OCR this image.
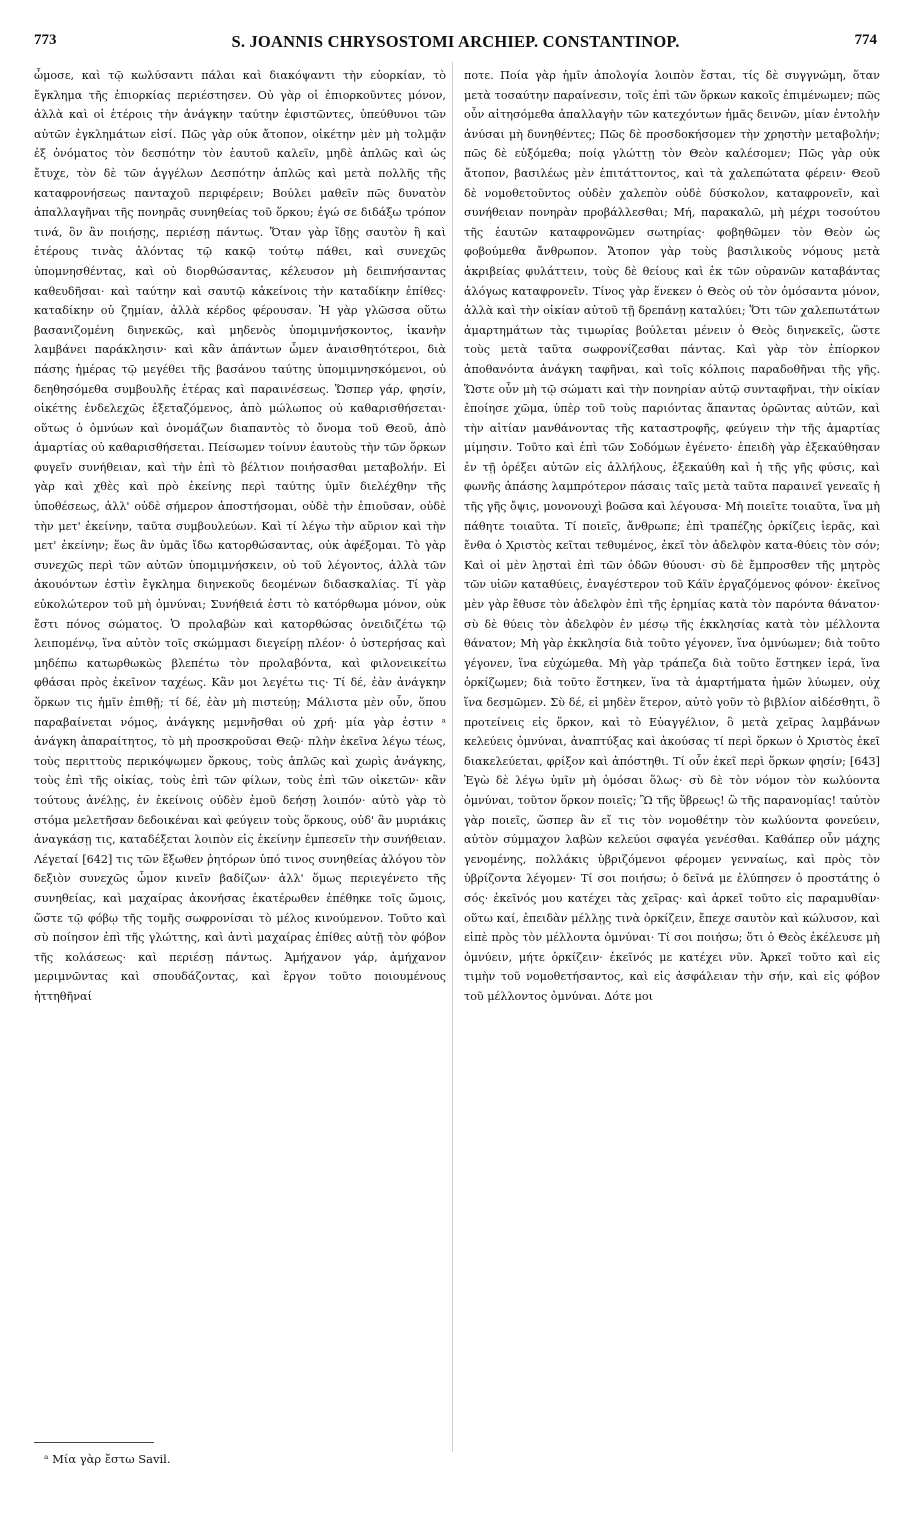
773	S. JOANNIS CHRYSOSTOMI ARCHIEP. CONSTANTINOP.	774

ὦμοσε, καὶ τῷ κωλύσαντι πάλαι καὶ διακόψαντι τὴν εὐορκίαν, τὸ ἔγκλημα τῆς ἐπιορκίας περιέστησεν. Οὐ γὰρ οἱ ἐπιορκοῦντες μόνον, ἀλλὰ καὶ οἱ ἑτέροις τὴν ἀνάγκην ταύτην ἐφιστῶντες, ὑπεύθυνοι τῶν αὐτῶν ἐγκλημάτων εἰσί. Πῶς γὰρ οὐκ ἄτοπον, οἰκέτην μὲν μὴ τολμᾷν ἐξ ὀνόματος τὸν δεσπότην τὸν ἑαυτοῦ καλεῖν, μηδὲ ἁπλῶς καὶ ὡς ἔτυχε, τὸν δὲ τῶν ἀγγέλων Δεσπότην ἁπλῶς καὶ μετὰ πολλῆς τῆς καταφρονήσεως πανταχοῦ περιφέρειν; Βούλει μαθεῖν πῶς δυνατὸν ἀπαλλαγῆναι τῆς πονηρᾶς συνηθείας τοῦ ὅρκου; ἐγώ σε διδάξω τρόπον τινά, ὃν ἂν ποιήσῃς, περιέσῃ πάντως. Ὅταν γὰρ ἴδῃς σαυτὸν ἢ καὶ ἑτέρους τινὰς ἁλόντας τῷ κακῷ τούτῳ πάθει, καὶ συνεχῶς ὑπομνησθέντας, καὶ οὐ διορθώσαντας, κέλευσον μὴ δειπνήσαντας καθευδῆσαι· καὶ ταύτην καὶ σαυτῷ κἀκείνοις τὴν καταδίκην ἐπίθες· καταδίκην οὐ ζημίαν, ἀλλὰ κέρδος φέρουσαν. Ἡ γὰρ γλῶσσα οὕτω βασανιζομένη διηνεκῶς, καὶ μηδενὸς ὑπομιμνήσκοντος, ἱκανὴν λαμβάνει παράκλησιν· καὶ κἂν ἁπάντων ὦμεν ἀναισθητότεροι, διὰ πάσης ἡμέρας τῷ μεγέθει τῆς βασάνου ταύτης ὑπομιμνησκόμενοι, οὐ δεηθησόμεθα συμβουλῆς ἑτέρας καὶ παραινέσεως. Ὥσπερ γάρ, φησίν, οἰκέτης ἐνδελεχῶς ἐξεταζόμενος, ἀπὸ μώλωπος οὐ καθαρισθήσεται· οὕτως ὁ ὀμνύων καὶ ὀνομάζων διαπαντὸς τὸ ὄνομα τοῦ Θεοῦ, ἀπὸ ἁμαρτίας οὐ καθαρισθήσεται. Πείσωμεν τοίνυν ἑαυτοὺς τὴν τῶν ὅρκων φυγεῖν συνήθειαν, καὶ τὴν ἐπὶ τὸ βέλτιον ποιήσασθαι μεταβολήν. Εἰ γὰρ καὶ χθὲς καὶ πρὸ ἐκείνης περὶ ταύτης ὑμῖν διελέχθην τῆς ὑποθέσεως, ἀλλ' οὐδὲ σήμερον ἀποστήσομαι, οὐδὲ τὴν ἐπιοῦσαν, οὐδὲ τὴν μετ' ἐκείνην, ταῦτα συμβουλεύων. Καὶ τί λέγω τὴν αὔριον καὶ τὴν μετ' ἐκείνην; ἕως ἂν ὑμᾶς ἴδω κατορθώσαντας, οὐκ ἀφέξομαι. Τὸ γὰρ συνεχῶς περὶ τῶν αὐτῶν ὑπομιμνήσκειν, οὐ τοῦ λέγοντος, ἀλλὰ τῶν ἀκουόντων ἐστὶν ἔγκλημα διηνεκοῦς δεομένων διδασκαλίας. Τί γὰρ εὐκολώτερον τοῦ μὴ ὀμνύναι; Συνήθειά ἐστι τὸ κατόρθωμα μόνον, οὐκ ἔστι πόνος σώματος. Ὁ προλαβὼν καὶ κατορθώσας ὀνειδιζέτω τῷ λειπομένῳ, ἵνα αὐτὸν τοῖς σκώμμασι διεγείρῃ πλέον· ὁ ὑστερήσας καὶ μηδέπω κατωρθωκὼς βλεπέτω τὸν προλαβόντα, καὶ φιλονεικείτω φθάσαι πρὸς ἐκεῖνον ταχέως. Κἂν μοι λεγέτω τις· Τί δέ, ἐὰν ἀνάγκην ὅρκων τις ἡμῖν ἐπιθῇ; τί δέ, ἐὰν μὴ πιστεύῃ; Μάλιστα μὲν οὖν, ὅπου παραβαίνεται νόμος, ἀνάγκης μεμνῆσθαι οὐ χρή· μία γὰρ ἐστιν ᵃ ἀνάγκη ἀπαραίτητος, τὸ μὴ προσκροῦσαι Θεῷ· πλὴν ἐκεῖνα λέγω τέως, τοὺς περιττοὺς περικόψωμεν ὅρκους, τοὺς ἁπλῶς καὶ χωρὶς ἀνάγκης, τοὺς ἐπὶ τῆς οἰκίας, τοὺς ἐπὶ τῶν φίλων, τοὺς ἐπὶ τῶν οἰκετῶν· κἂν τούτους ἀνέλῃς, ἐν ἐκείνοις οὐδὲν ἐμοῦ δεήσῃ λοιπόν· αὐτὸ γὰρ τὸ στόμα μελετῆσαν δεδοικέναι καὶ φεύγειν τοὺς ὅρκους, οὐδ' ἂν μυριάκις ἀναγκάσῃ τις, καταδέξεται λοιπὸν εἰς ἐκείνην ἐμπεσεῖν τὴν συνήθειαν. Λέγεταί [642] τις τῶν ἔξωθεν ῥητόρων ὑπό τινος συνηθείας ἀλόγου τὸν δεξιὸν συνεχῶς ὦμον κινεῖν βαδίζων· ἀλλ' ὅμως περιεγένετο τῆς συνηθείας, καὶ μαχαίρας ἀκονήσας ἑκατέρωθεν ἐπέθηκε τοῖς ὤμοις, ὥστε τῷ φόβῳ τῆς τομῆς σωφρονίσαι τὸ μέλος κινούμενον. Τοῦτο καὶ σὺ ποίησον ἐπὶ τῆς γλώττης, καὶ ἀντὶ μαχαίρας ἐπίθες αὐτῇ τὸν φόβον τῆς κολάσεως· καὶ περιέσῃ πάντως. Ἀμήχανον γάρ, ἀμήχανον μεριμνῶντας καὶ σπουδάζοντας, καὶ ἔργον τοῦτο ποιουμένους ἡττηθῆναί

ποτε. Ποία γὰρ ἡμῖν ἀπολογία λοιπὸν ἔσται, τίς δὲ συγγνώμη, ὅταν μετὰ τοσαύτην παραίνεσιν, τοῖς ἐπὶ τῶν ὅρκων κακοῖς ἐπιμένωμεν; πῶς οὖν αἰτησόμεθα ἀπαλλαγὴν τῶν κατεχόντων ἡμᾶς δεινῶν, μίαν ἐντολὴν ἀνύσαι μὴ δυνηθέντες; Πῶς δὲ προσδοκήσομεν τὴν χρηστὴν μεταβολήν; πῶς δὲ εὐξόμεθα; ποίᾳ γλώττῃ τὸν Θεὸν καλέσομεν; Πῶς γὰρ οὐκ ἄτοπον, βασιλέως μὲν ἐπιτάττοντος, καὶ τὰ χαλεπώτατα φέρειν· Θεοῦ δὲ νομοθετοῦντος οὐδὲν χαλεπὸν οὐδὲ δύσκολον, καταφρονεῖν, καὶ συνήθειαν πονηρὰν προβάλλεσθαι; Μή, παρακαλῶ, μὴ μέχρι τοσούτου τῆς ἑαυτῶν καταφρονῶμεν σωτηρίας· φοβηθῶμεν τὸν Θεὸν ὡς φοβούμεθα ἄνθρωπον. Ἄτοπον γὰρ τοὺς βασιλικοὺς νόμους μετὰ ἀκριβείας φυλάττειν, τοὺς δὲ θείους καὶ ἐκ τῶν οὐρανῶν καταβάντας ἀλόγως καταφρονεῖν. Τίνος γὰρ ἕνεκεν ὁ Θεὸς οὐ τὸν ὀμόσαντα μόνον, ἀλλὰ καὶ τὴν οἰκίαν αὐτοῦ τῇ δρεπάνῃ καταλύει; Ὅτι τῶν χαλεπωτάτων ἁμαρτημάτων τὰς τιμωρίας βούλεται μένειν ὁ Θεὸς διηνεκεῖς, ὥστε τοὺς μετὰ ταῦτα σωφρονίζεσθαι πάντας. Καὶ γὰρ τὸν ἐπίορκον ἀποθανόντα ἀνάγκη ταφῆναι, καὶ τοῖς κόλποις παραδοθῆναι τῆς γῆς. Ὥστε οὖν μὴ τῷ σώματι καὶ τὴν πονηρίαν αὐτῷ συνταφῆναι, τὴν οἰκίαν ἐποίησε χῶμα, ὑπὲρ τοῦ τοὺς παριόντας ἅπαντας ὁρῶντας αὐτῶν, καὶ τὴν αἰτίαν μανθάνοντας τῆς καταστροφῆς, φεύγειν τὴν τῆς ἁμαρτίας μίμησιν. Τοῦτο καὶ ἐπὶ τῶν Σοδόμων ἐγένετο· ἐπειδὴ γὰρ ἐξεκαύθησαν ἐν τῇ ὀρέξει αὐτῶν εἰς ἀλλήλους, ἐξεκαύθη καὶ ἡ τῆς γῆς φύσις, καὶ φωνῆς ἁπάσης λαμπρότερον πάσαις ταῖς μετὰ ταῦτα παραινεῖ γενεαῖς ἡ τῆς γῆς ὄψις, μονονουχὶ βοῶσα καὶ λέγουσα· Μὴ ποιεῖτε τοιαῦτα, ἵνα μὴ πάθητε τοιαῦτα. Τί ποιεῖς, ἄνθρωπε; ἐπὶ τραπέζης ὀρκίζεις ἱερᾶς, καὶ ἔνθα ὁ Χριστὸς κεῖται τεθυμένος, ἐκεῖ τὸν ἀδελφὸν κατα-θύεις τὸν σόν; Καὶ οἱ μὲν λῃσταὶ ἐπὶ τῶν ὁδῶν θύουσι· σὺ δὲ ἔμπροσθεν τῆς μητρὸς τῶν υἱῶν καταθύεις, ἐναγέστερον τοῦ Κάϊν ἐργαζόμενος φόνον· ἐκεῖνος μὲν γὰρ ἔθυσε τὸν ἀδελφὸν ἐπὶ τῆς ἐρημίας κατὰ τὸν παρόντα θάνατον· σὺ δὲ θύεις τὸν ἀδελφὸν ἐν μέσῳ τῆς ἐκκλησίας κατὰ τὸν μέλλοντα θάνατον; Μὴ γὰρ ἐκκλησία διὰ τοῦτο γέγονεν, ἵνα ὀμνύωμεν; διὰ τοῦτο γέγονεν, ἵνα εὐχώμεθα. Μὴ γὰρ τράπεζα διὰ τοῦτο ἕστηκεν ἱερά, ἵνα ὁρκίζωμεν; διὰ τοῦτο ἕστηκεν, ἵνα τὰ ἁμαρτήματα ἡμῶν λύωμεν, οὐχ ἵνα δεσμῶμεν. Σὺ δέ, εἰ μηδὲν ἕτερον, αὐτὸ γοῦν τὸ βιβλίον αἰδέσθητι, ὃ προτείνεις εἰς ὅρκον, καὶ τὸ Εὐαγγέλιον, ὃ μετὰ χεῖρας λαμβάνων κελεύεις ὀμνύναι, ἀναπτύξας καὶ ἀκούσας τί περὶ ὅρκων ὁ Χριστὸς ἐκεῖ διακελεύεται, φρίξον καὶ ἀπόστηθι. Τί οὖν ἐκεῖ περὶ ὅρκων φησίν; [643] Ἐγὼ δὲ λέγω ὑμῖν μὴ ὀμόσαι ὅλως· σὺ δὲ τὸν νόμον τὸν κωλύοντα ὀμνύναι, τοῦτον ὅρκον ποιεῖς; Ὢ τῆς ὕβρεως! ὢ τῆς παρανομίας! ταὐτὸν γὰρ ποιεῖς, ὥσπερ ἂν εἴ τις τὸν νομοθέτην τὸν κωλύοντα φονεύειν, αὐτὸν σύμμαχον λαβὼν κελεύοι σφαγέα γενέσθαι. Καθάπερ οὖν μάχης γενομένης, πολλάκις ὑβριζόμενοι φέρομεν γενναίως, καὶ πρὸς τὸν ὑβρίζοντα λέγομεν· Τί σοι ποιήσω; ὁ δεῖνά με ἐλύπησεν ὁ προστάτης ὁ σός· ἐκεῖνός μου κατέχει τὰς χεῖρας· καὶ ἀρκεῖ τοῦτο εἰς παραμυθίαν· οὕτω καί, ἐπειδὰν μέλλῃς τινὰ ὁρκίζειν, ἔπεχε σαυτὸν καὶ κώλυσον, καὶ εἰπὲ πρὸς τὸν μέλλοντα ὀμνύναι· Τί σοι ποιήσω; ὅτι ὁ Θεὸς ἐκέλευσε μὴ ὀμνύειν, μήτε ὁρκίζειν· ἐκεῖνός με κατέχει νῦν. Ἀρκεῖ τοῦτο καὶ εἰς τιμὴν τοῦ νομοθετήσαντος, καὶ εἰς ἀσφάλειαν τὴν σήν, καὶ εἰς φόβον τοῦ μέλλοντος ὀμνύναι. Δότε μοι

ᵃ Μία γὰρ ἔστω Savil.
